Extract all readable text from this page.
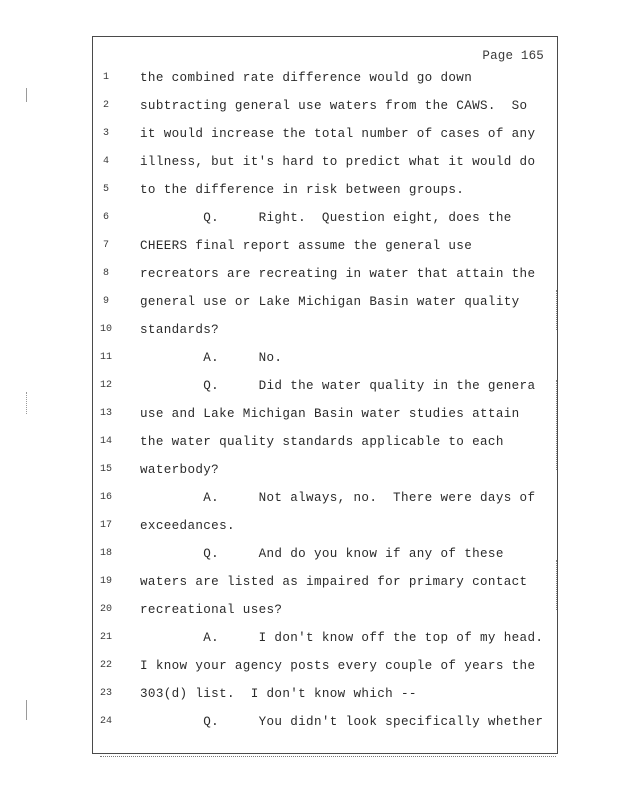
Page 165
1	the combined rate difference would go down
2	subtracting general use waters from the CAWS.  So
3	it would increase the total number of cases of any
4	illness, but it's hard to predict what it would do
5	to the difference in risk between groups.
6	Q.     Right.  Question eight, does the
7	CHEERS final report assume the general use
8	recreators are recreating in water that attain the
9	general use or Lake Michigan Basin water quality
10 standards?
11 A.     No.
12 Q.     Did the water quality in the genera
13 use and Lake Michigan Basin water studies attain
14 the water quality standards applicable to each
15 waterbody?
16 A.     Not always, no.  There were days of
17 exceedances.
18 Q.     And do you know if any of these
19 waters are listed as impaired for primary contact
20 recreational uses?
21 A.     I don't know off the top of my head.
22 I know your agency posts every couple of years the
23 303(d) list.  I don't know which --
24 Q.     You didn't look specifically whether
